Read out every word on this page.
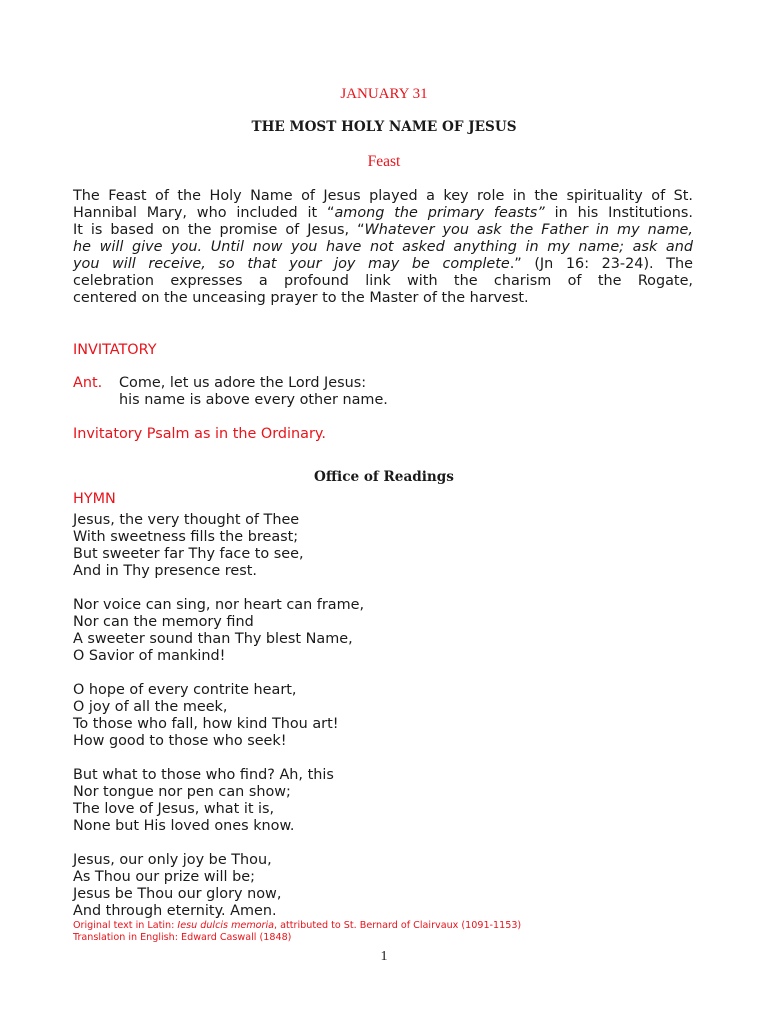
JANUARY 31
THE MOST HOLY NAME OF JESUS
Feast
The Feast of the Holy Name of Jesus played a key role in the spirituality of St.
Hannibal Mary, who included it “among the primary feasts” in his Institutions.
It is based on the promise of Jesus, “Whatever you ask the Father in my name,
he will give you. Until now you have not asked anything in my name; ask and
you will receive, so that your joy may be complete.” (Jn 16: 23-24). The
celebration expresses a profound link with the charism of the Rogate,
centered on the unceasing prayer to the Master of the harvest.
INVITATORY
Ant. Come, let us adore the Lord Jesus:
his name is above every other name.
Invitatory Psalm as in the Ordinary.
Office of Readings
HYMN
Jesus, the very thought of Thee
With sweetness fills the breast;
But sweeter far Thy face to see,
And in Thy presence rest.
Nor voice can sing, nor heart can frame,
Nor can the memory find
A sweeter sound than Thy blest Name,
O Savior of mankind!
O hope of every contrite heart,
O joy of all the meek,
To those who fall, how kind Thou art!
How good to those who seek!
But what to those who find? Ah, this
Nor tongue nor pen can show;
The love of Jesus, what it is,
None but His loved ones know.
Jesus, our only joy be Thou,
As Thou our prize will be;
Jesus be Thou our glory now,
And through eternity. Amen.
Original text in Latin: Iesu dulcis memoria, attributed to St. Bernard of Clairvaux (1091-1153)
Translation in English: Edward Caswall (1848)
1
